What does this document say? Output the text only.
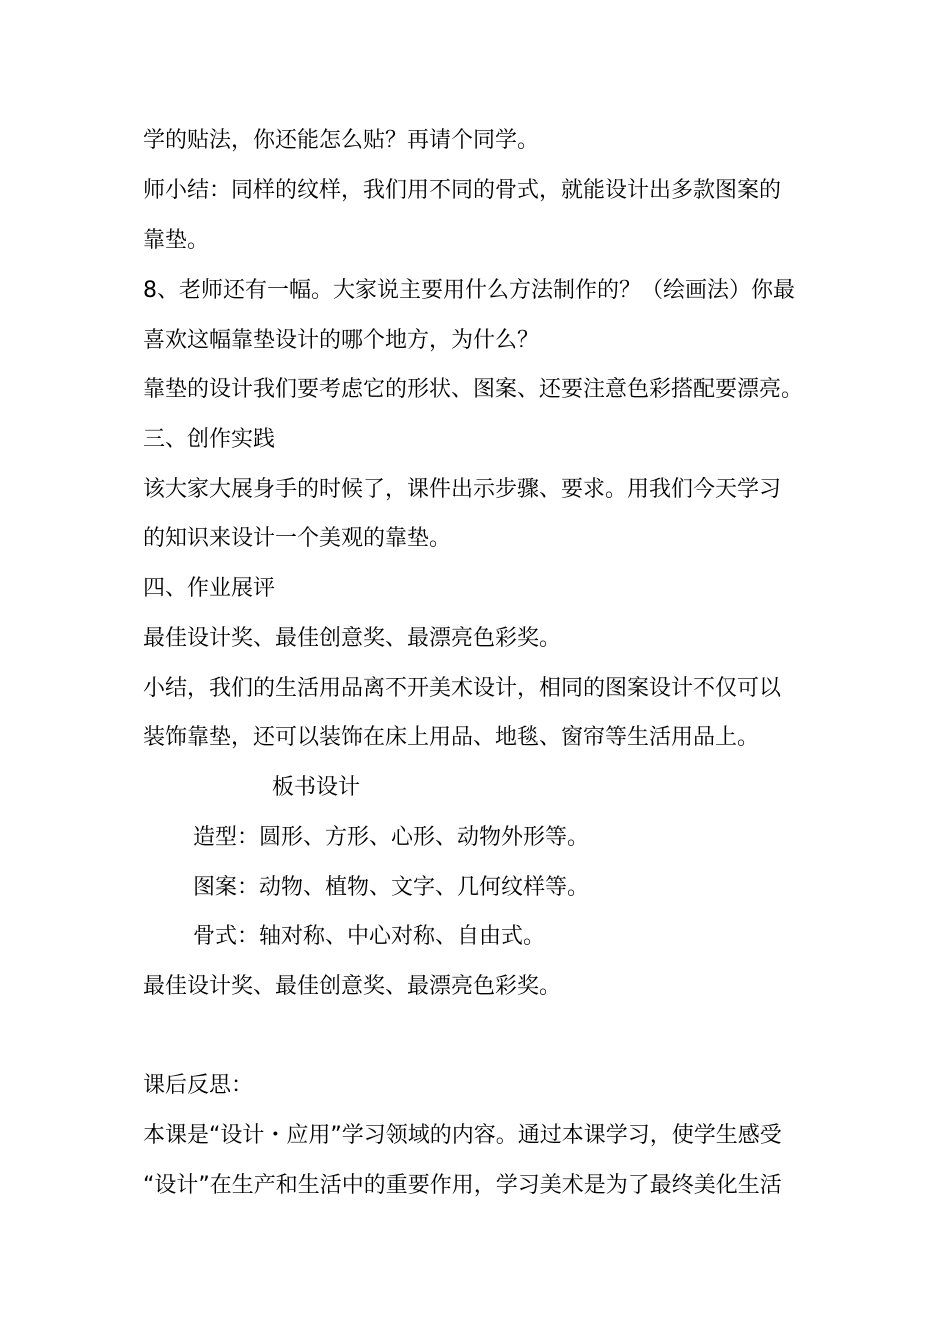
学的贴法，你还能怎么贴？再请个同学。
师小结：同样的纹样，我们用不同的骨式，就能设计出多款图案的
靠垫。
8、老师还有一幅。大家说主要用什么方法制作的？（绘画法）你最
喜欢这幅靠垫设计的哪个地方，为什么？
靠垫的设计我们要考虑它的形状、图案、还要注意色彩搭配要漂亮。
三、创作实践
该大家大展身手的时候了，课件出示步骤、要求。用我们今天学习
的知识来设计一个美观的靠垫。
四、作业展评
最佳设计奖、最佳创意奖、最漂亮色彩奖。
小结，我们的生活用品离不开美术设计，相同的图案设计不仅可以
装饰靠垫，还可以装饰在床上用品、地毯、窗帘等生活用品上。
板书设计
造型：圆形、方形、心形、动物外形等。
图案：动物、植物、文字、几何纹样等。
骨式：轴对称、中心对称、自由式。
最佳设计奖、最佳创意奖、最漂亮色彩奖。
课后反思：
本课是“设计・应用”学习领域的内容。通过本课学习，使学生感受
“设计”在生产和生活中的重要作用，学习美术是为了最终美化生活
